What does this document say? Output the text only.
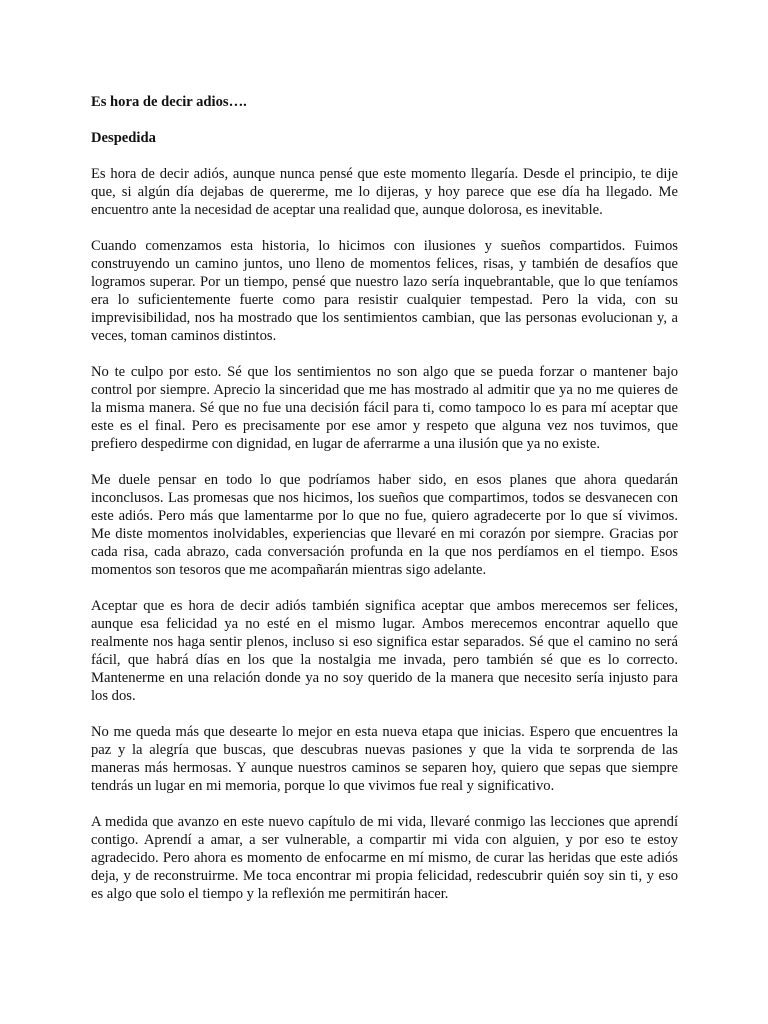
Es hora de decir adios….
Despedida

Es hora de decir adiós, aunque nunca pensé que este momento llegaría. Desde el principio, te dije que, si algún día dejabas de quererme, me lo dijeras, y hoy parece que ese día ha llegado. Me encuentro ante la necesidad de aceptar una realidad que, aunque dolorosa, es inevitable.

Cuando comenzamos esta historia, lo hicimos con ilusiones y sueños compartidos. Fuimos construyendo un camino juntos, uno lleno de momentos felices, risas, y también de desafíos que logramos superar. Por un tiempo, pensé que nuestro lazo sería inquebrantable, que lo que teníamos era lo suficientemente fuerte como para resistir cualquier tempestad. Pero la vida, con su imprevisibilidad, nos ha mostrado que los sentimientos cambian, que las personas evolucionan y, a veces, toman caminos distintos.

No te culpo por esto. Sé que los sentimientos no son algo que se pueda forzar o mantener bajo control por siempre. Aprecio la sinceridad que me has mostrado al admitir que ya no me quieres de la misma manera. Sé que no fue una decisión fácil para ti, como tampoco lo es para mí aceptar que este es el final. Pero es precisamente por ese amor y respeto que alguna vez nos tuvimos, que prefiero despedirme con dignidad, en lugar de aferrarme a una ilusión que ya no existe.

Me duele pensar en todo lo que podríamos haber sido, en esos planes que ahora quedarán inconclusos. Las promesas que nos hicimos, los sueños que compartimos, todos se desvanecen con este adiós. Pero más que lamentarme por lo que no fue, quiero agradecerte por lo que sí vivimos. Me diste momentos inolvidables, experiencias que llevaré en mi corazón por siempre. Gracias por cada risa, cada abrazo, cada conversación profunda en la que nos perdíamos en el tiempo. Esos momentos son tesoros que me acompañarán mientras sigo adelante.

Aceptar que es hora de decir adiós también significa aceptar que ambos merecemos ser felices, aunque esa felicidad ya no esté en el mismo lugar. Ambos merecemos encontrar aquello que realmente nos haga sentir plenos, incluso si eso significa estar separados. Sé que el camino no será fácil, que habrá días en los que la nostalgia me invada, pero también sé que es lo correcto. Mantenerme en una relación donde ya no soy querido de la manera que necesito sería injusto para los dos.

No me queda más que desearte lo mejor en esta nueva etapa que inicias. Espero que encuentres la paz y la alegría que buscas, que descubras nuevas pasiones y que la vida te sorprenda de las maneras más hermosas. Y aunque nuestros caminos se separen hoy, quiero que sepas que siempre tendrás un lugar en mi memoria, porque lo que vivimos fue real y significativo.

A medida que avanzo en este nuevo capítulo de mi vida, llevaré conmigo las lecciones que aprendí contigo. Aprendí a amar, a ser vulnerable, a compartir mi vida con alguien, y por eso te estoy agradecido. Pero ahora es momento de enfocarme en mí mismo, de curar las heridas que este adiós deja, y de reconstruirme. Me toca encontrar mi propia felicidad, redescubrir quién soy sin ti, y eso es algo que solo el tiempo y la reflexión me permitirán hacer.
